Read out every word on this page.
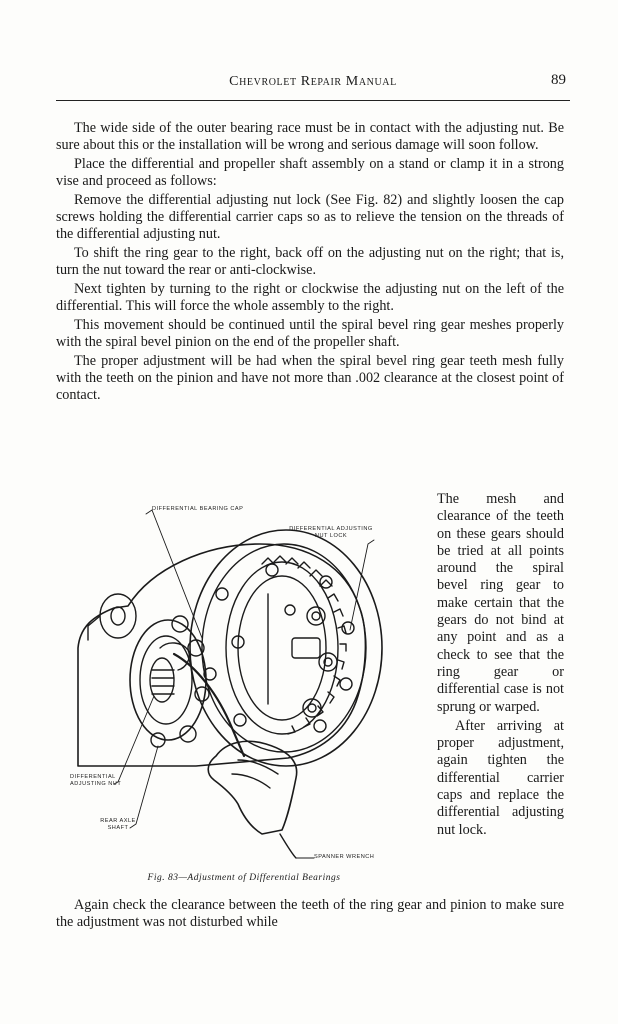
Chevrolet Repair Manual	89

The wide side of the outer bearing race must be in contact with the adjusting nut. Be sure about this or the installation will be wrong and serious damage will soon follow.

Place the differential and propeller shaft assembly on a stand or clamp it in a strong vise and proceed as follows:

Remove the differential adjusting nut lock (See Fig. 82) and slightly loosen the cap screws holding the differential carrier caps so as to relieve the tension on the threads of the differential adjusting nut.

To shift the ring gear to the right, back off on the adjusting nut on the right; that is, turn the nut toward the rear or anti-clockwise.

Next tighten by turning to the right or clockwise the adjusting nut on the left of the differential. This will force the whole assembly to the right.

This movement should be continued until the spiral bevel ring gear meshes properly with the spiral bevel pinion on the end of the propeller shaft.

The proper adjustment will be had when the spiral bevel ring gear teeth mesh fully with the teeth on the pinion and have not more than .002 clearance at the closest point of contact.

DIFFERENTIAL BEARING CAP
DIFFERENTIAL ADJUSTING NUT LOCK
DIFFERENTIAL ADJUSTING NUT
REAR AXLE SHAFT
SPANNER WRENCH
Fig. 83—Adjustment of Differential Bearings

The mesh and clearance of the teeth on these gears should be tried at all points around the spiral bevel ring gear to make certain that the gears do not bind at any point and as a check to see that the ring gear or differential case is not sprung or warped.

After arriving at proper adjustment, again tighten the differential carrier caps and replace the differential adjusting nut lock.

Again check the clearance between the teeth of the ring gear and pinion to make sure the adjustment was not disturbed while
